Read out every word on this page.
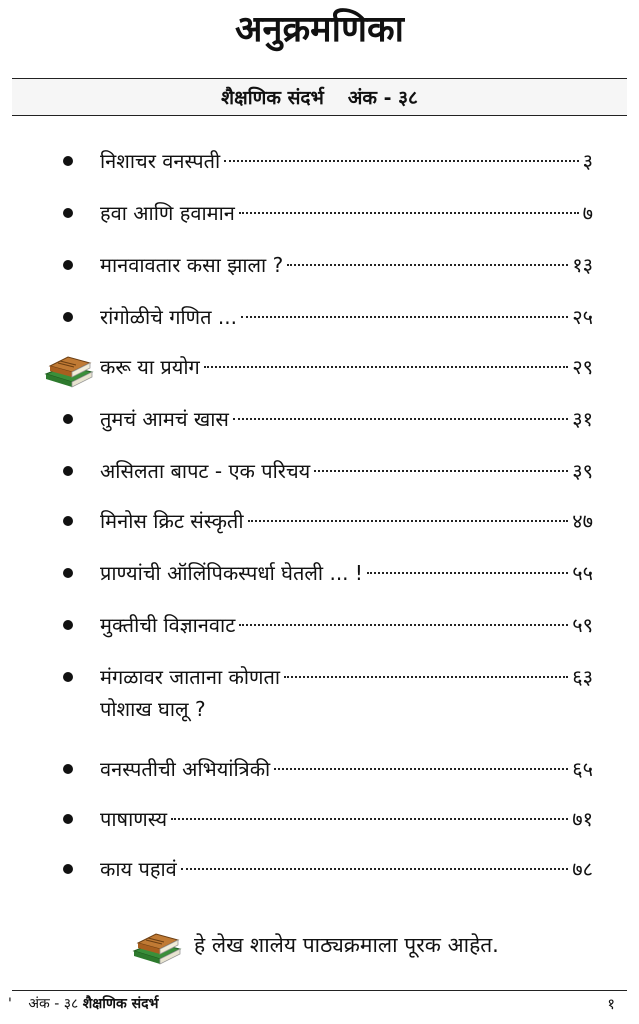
अनुक्रमणिका
शैक्षणिक संदर्भ अंक - ३८
निशाचर वनस्पती	३
हवा आणि हवामान	७
मानवावतार कसा झाला ?	१३
रांगोळीचे गणित ...	२५
करू या प्रयोग	२९
तुमचं आमचं खास	३१
असिलता बापट - एक परिचय	३९
मिनोस क्रिट संस्कृती	४७
प्राण्यांची ऑलिंपिकस्पर्धा घेतली ... !	५५
मुक्तीची विज्ञानवाट	५९
मंगळावर जाताना कोणता	६३
पोशाख घालू ?
वनस्पतीची अभियांत्रिकी	६५
पाषाणस्य	७१
काय पहावं	७८
हे लेख शालेय पाठ्यक्रमाला पूरक आहेत.
' अंक - ३८ शैक्षणिक संदर्भ	१
